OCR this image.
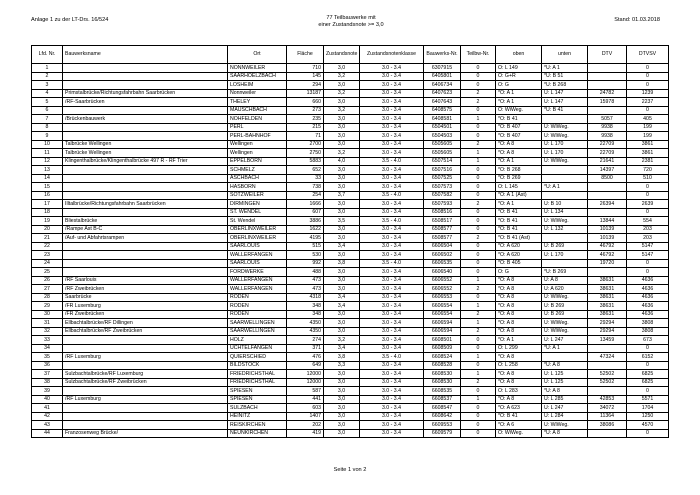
Anlage 1 zu der LT-Drs. 16/524	77 Teilbauwerke mit
einer Zustandsnote >= 3,0
Stand: 01.03.2018
Lfd. Nr.	Bauwerksname	Ort	Fläche	Zustandsnote	Zustandsnotenklasse	Bauwerks-Nr.	Teilbw-Nr.	oben	unten	DTV	DTVSV
1		NONNWEILER	710	3,0	3.0 - 3.4	6307915	0	O: L 149	*U: A 1		0
2		SAARHOELZBACH	145	3,2	3.0 - 3.4	6405801	0	O: G+R	*U: B 51		0
3		LOSHEIM	294	3,0	3.0 - 3.4	6406734	0	O: G	*U: B 268		0
4	Primstalbrücke/Richtungsfahrbahn Saarbrücken	Nonnweiler	13187	3,2	3.0 - 3.4	6407623	2	*O: A 1	U: L 147	24782	1239
5	/RF-Saarbrücken	THELEY	660	3,0	3.0 - 3.4	6407643	2	*O: A 1	U: L 147	15978	2237
6		MAUSCHBACH	273	3,2	3.0 - 3.4	6408575	0	O: WiWeg.	*U: B 41		0
7	/Brückenbauwerk	NOHFELDEN	235	3,0	3.0 - 3.4	6408581	1	*O: B 41		5057	405
8		PERL	215	3,0	3.0 - 3.4	6504501	0	*O: B 407	U: WiWeg.	9938	199
9		PERL-BAHNHOF	71	3,0	3.0 - 3.4	6504503	0	*O: B 407	U: WiWeg.	9938	199
10	Talbrücke Wellingen	Wellingen	2700	3,0	3.0 - 3.4	6505605	2	*O: A 8	U: L 170	22709	3861
11	Talbrücke Wellingen	Wellingen	2750	3,2	3.0 - 3.4	6505605	1	*O: A 8	U: L 170	22709	3861
12	Klingenthalbrücke/Klingenthalbrücke 497 R - RF Trier	EPPELBORN	5883	4,0	3.5 - 4.0	6507514	1	*O: A 1	U: WiWeg.	21641	2381
13		SCHMELZ	652	3,0	3.0 - 3.4	6507516	0	*O: B 268		14397	720
14		ASCHBACH	33	3,0	3.0 - 3.4	6507525	0	*O: B 269		8500	510
15		HASBORN	738	3,0	3.0 - 3.4	6507573	0	O: L 145	*U: A 1		0
16		SOTZWEILER	254	3,7	3.5 - 4.0	6507582	0	*O: A 1 (Ast)			0
17	Illtalbrücke/Richtungsfahrbahn Saarbrücken	DIRMINGEN	1666	3,0	3.0 - 3.4	6507593	2	*O: A 1	U: B 10	26394	2639
18		ST. WENDEL	607	3,0	3.0 - 3.4	6508516	0	*O: B 41	U: L 134		0
19	Bliestalbrücke	St. Wendel	3886	3,5	3.5 - 4.0	6508517	0	*O: B 41	U: WiWeg.	13844	554
20	/Rampe Ast B-C	OBERLINXWEILER	1622	3,0	3.0 - 3.4	6508577	0	*O: B 41	U: L 132	10139	203
21	/Auf- und Abfahrtsrampen	OBERLINXWEILER	4195	3,0	3.0 - 3.4	6508577	2	*O: B 41 (Ast)		10139	203
22		SAARLOUIS	515	3,4	3.0 - 3.4	6606504	0	*O: A 620	U: B 269	46792	5147
23		WALLERFANGEN	530	3,0	3.0 - 3.4	6606502	0	*O: A 620	U: L 170	46792	5147
24		SAARLOUIS	992	3,8	3.5 - 4.0	6606535	0	*O: B 405		19720	0
25		FORDWERKE	488	3,0	3.0 - 3.4	6606540	0	O: G	*U: B 269		0
26	/RF Saarlouis	WALLERFANGEN	473	3,0	3.0 - 3.4	6606552	1	*O: A 8	U: A 8	38631	4636
27	/RF Zweibrücken	WALLERFANGEN	473	3,0	3.0 - 3.4	6606552	2	*O: A 8	U: A 620	38631	4636
28	Saarbrücke	RODEN	4318	3,4	3.0 - 3.4	6606553	0	*O: A 8	U: WiWeg.	38631	4636
29	/FR Luxemburg	RODEN	348	3,4	3.0 - 3.4	6606554	1	*O: A 8	U: B 269	38631	4636
30	/FR Zweibrücken	RODEN	348	3,0	3.0 - 3.4	6606554	2	*O: A 8	U: B 269	38631	4636
31	Ellbachtalbrücke/RF Dillingen	SAARWELLINGEN	4350	3,0	3.0 - 3.4	6606594	1	*O: A 8	U: WiWeg.	29294	3808
32	Ellbachtalbrücke/RF Zweibrücken	SAARWELLINGEN	4350	3,0	3.0 - 3.4	6606594	2	*O: A 8	U: WiWeg.	29294	3808
33		HOLZ	274	3,2	3.0 - 3.4	6608501	0	*O: A 1	U: L 247	13459	673
34		UCHTELFANGEN	371	3,4	3.0 - 3.4	6608509	0	O: L 299	*U: A 1		0
35	/RF Luxemburg	QUIERSCHIED	476	3,8	3.5 - 4.0	6608524	1	*O: A 8		47324	6152
36		BILDSTOCK	649	3,3	3.0 - 3.4	6608528	0	O: L 258	*U: A 8		0
37	Sulzbachtalbrücke/RF Luxemburg	FRIEDRICHSTHAL	12000	3,0	3.0 - 3.4	6608530	1	*O: A 8	U: L 125	52502	6825
38	Sulzbachtalbrücke/RF Zweibrücken	FRIEDRICHSTHAL	12000	3,0	3.0 - 3.4	6608530	2	*O: A 8	U: L 125	52502	6825
39		SPIESEN	587	3,0	3.0 - 3.4	6608535	0	O: L 283	*U: A 8		0
40	/RF Luxemburg	SPIESEN	441	3,0	3.0 - 3.4	6608537	1	*O: A 8	U: L 285	42853	5571
41		SULZBACH	603	3,0	3.0 - 3.4	6608547	0	*O: A 623	U: L 247	34072	1704
42		HEINITZ	1407	3,0	3.0 - 3.4	6608642	0	*O: B 41	U: L 284	11364	1250
43		REISKIRCHEN	202	3,0	3.0 - 3.4	6609553	0	*O: A 6	U: WiWeg.	38086	4570
44	Franzosenweg Brücke/	NEUNKIRCHEN	419	3,0	3.0 - 3.4	6609579	0	O: WiWeg.	*U: A 8		0
Seite 1 von 2
